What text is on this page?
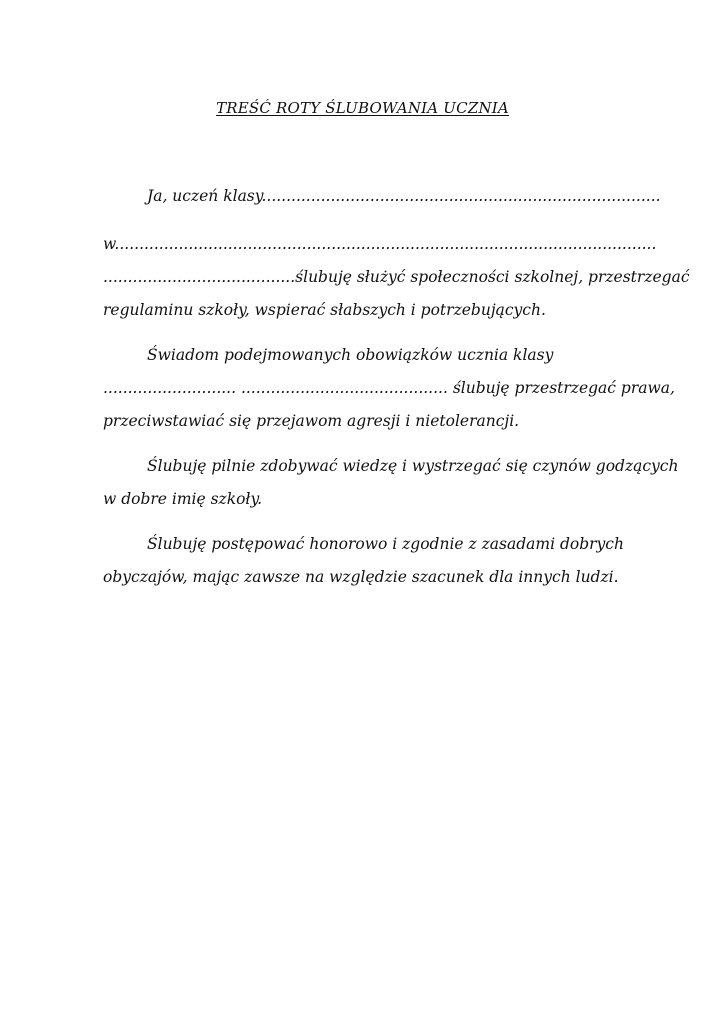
TREŚĆ ROTY ŚLUBOWANIA UCZNIA
Ja, uczeń klasy.................................................................................
w..............................................................................................................
.......................................ślubuję służyć społeczności szkolnej, przestrzegać
regulaminu szkoły, wspierać słabszych i potrzebujących.
Świadom podejmowanych obowiązków ucznia klasy
........................... .......................................... ślubuję przestrzegać prawa,
przeciwstawiać się przejawom agresji i nietolerancji.
Ślubuję pilnie zdobywać wiedzę i wystrzegać się czynów godzących
w dobre imię szkoły.
Ślubuję postępować honorowo i zgodnie z zasadami dobrych
obyczajów, mając zawsze na względzie szacunek dla innych ludzi.
